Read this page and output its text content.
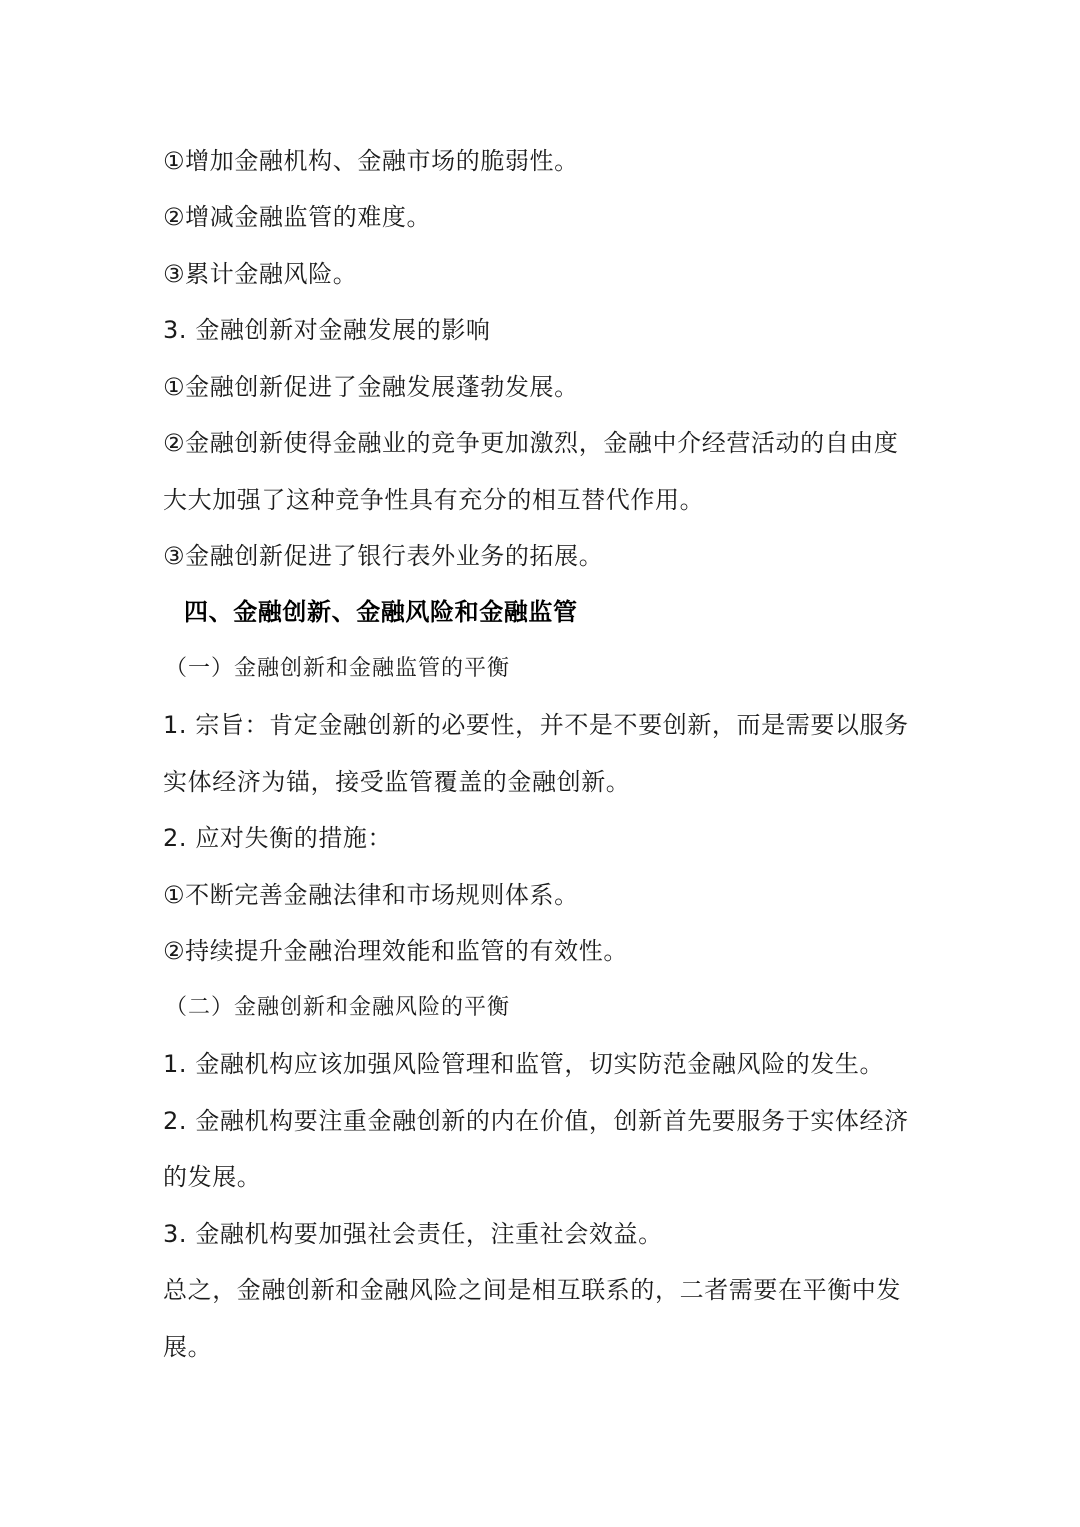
①增加金融机构、金融市场的脆弱性。

②增减金融监管的难度。

③累计金融风险。

3. 金融创新对金融发展的影响

①金融创新促进了金融发展蓬勃发展。

②金融创新使得金融业的竞争更加激烈，金融中介经营活动的自由度

大大加强了这种竞争性具有充分的相互替代作用。

③金融创新促进了银行表外业务的拓展。

四、金融创新、金融风险和金融监管

（一）金融创新和金融监管的平衡

1. 宗旨：肯定金融创新的必要性，并不是不要创新，而是需要以服务

实体经济为锚，接受监管覆盖的金融创新。

2. 应对失衡的措施：

①不断完善金融法律和市场规则体系。

②持续提升金融治理效能和监管的有效性。

（二）金融创新和金融风险的平衡

1. 金融机构应该加强风险管理和监管，切实防范金融风险的发生。

2. 金融机构要注重金融创新的内在价值，创新首先要服务于实体经济

的发展。

3. 金融机构要加强社会责任，注重社会效益。

总之，金融创新和金融风险之间是相互联系的，二者需要在平衡中发

展。
